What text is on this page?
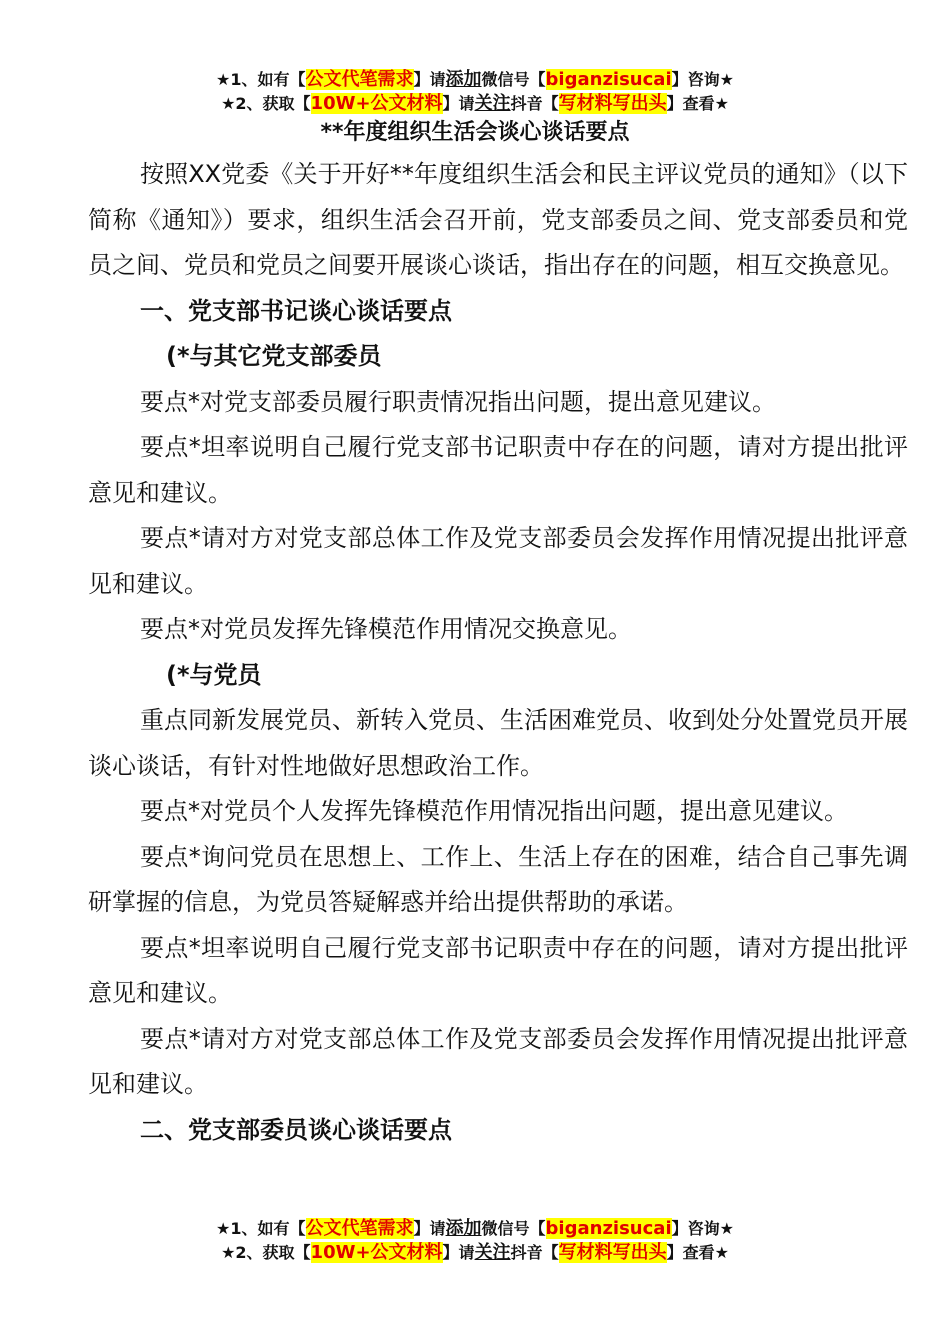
★1、如有【公文代笔需求】请添加微信号【biganzisucai】咨询★
★2、获取【10W+公文材料】请关注抖音【写材料写出头】查看★
**年度组织生活会谈心谈话要点

按照XX党委《关于开好**年度组织生活会和民主评议党员的通知》（以下简称《通知》）要求，组织生活会召开前，党支部委员之间、党支部委员和党员之间、党员和党员之间要开展谈心谈话，指出存在的问题，相互交换意见。

一、党支部书记谈心谈话要点

(*与其它党支部委员

要点*对党支部委员履行职责情况指出问题，提出意见建议。

要点*坦率说明自己履行党支部书记职责中存在的问题，请对方提出批评意见和建议。

要点*请对方对党支部总体工作及党支部委员会发挥作用情况提出批评意见和建议。

要点*对党员发挥先锋模范作用情况交换意见。

(*与党员

重点同新发展党员、新转入党员、生活困难党员、收到处分处置党员开展谈心谈话，有针对性地做好思想政治工作。

要点*对党员个人发挥先锋模范作用情况指出问题，提出意见建议。

要点*询问党员在思想上、工作上、生活上存在的困难，结合自己事先调研掌握的信息，为党员答疑解惑并给出提供帮助的承诺。

要点*坦率说明自己履行党支部书记职责中存在的问题，请对方提出批评意见和建议。

要点*请对方对党支部总体工作及党支部委员会发挥作用情况提出批评意见和建议。

二、党支部委员谈心谈话要点

★1、如有【公文代笔需求】请添加微信号【biganzisucai】咨询★
★2、获取【10W+公文材料】请关注抖音【写材料写出头】查看★
